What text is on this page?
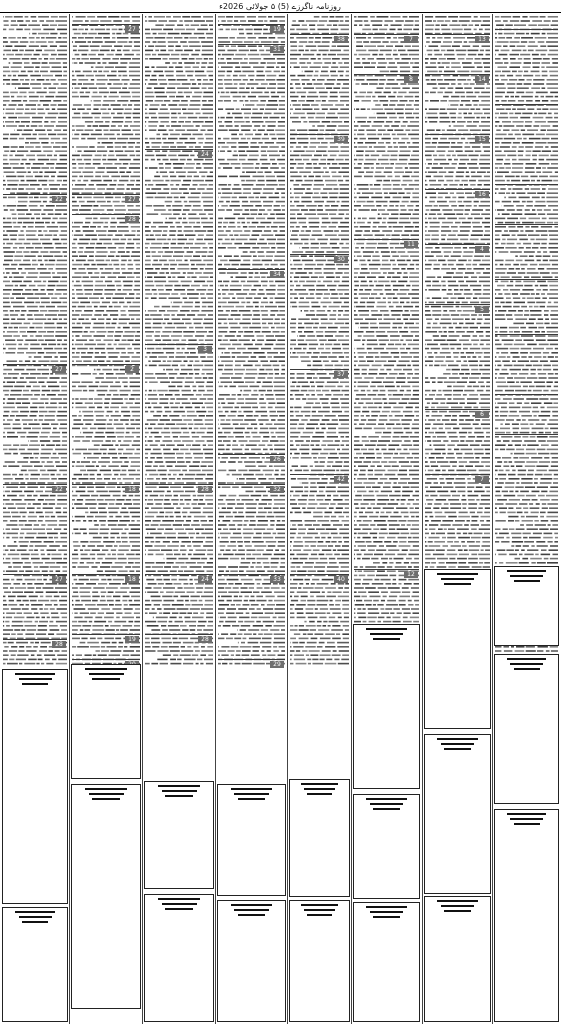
روزنامہ ناگرزے (5) ۵ جولائی 2026ء
22
27
22
27
28
27
27
28
2
18
18
19
24
3
28
24
28
19
31
34
26
32
33
29
38
39
30
37
42
40
7
8
11
12
13
14
15
16
4
5
6
7
